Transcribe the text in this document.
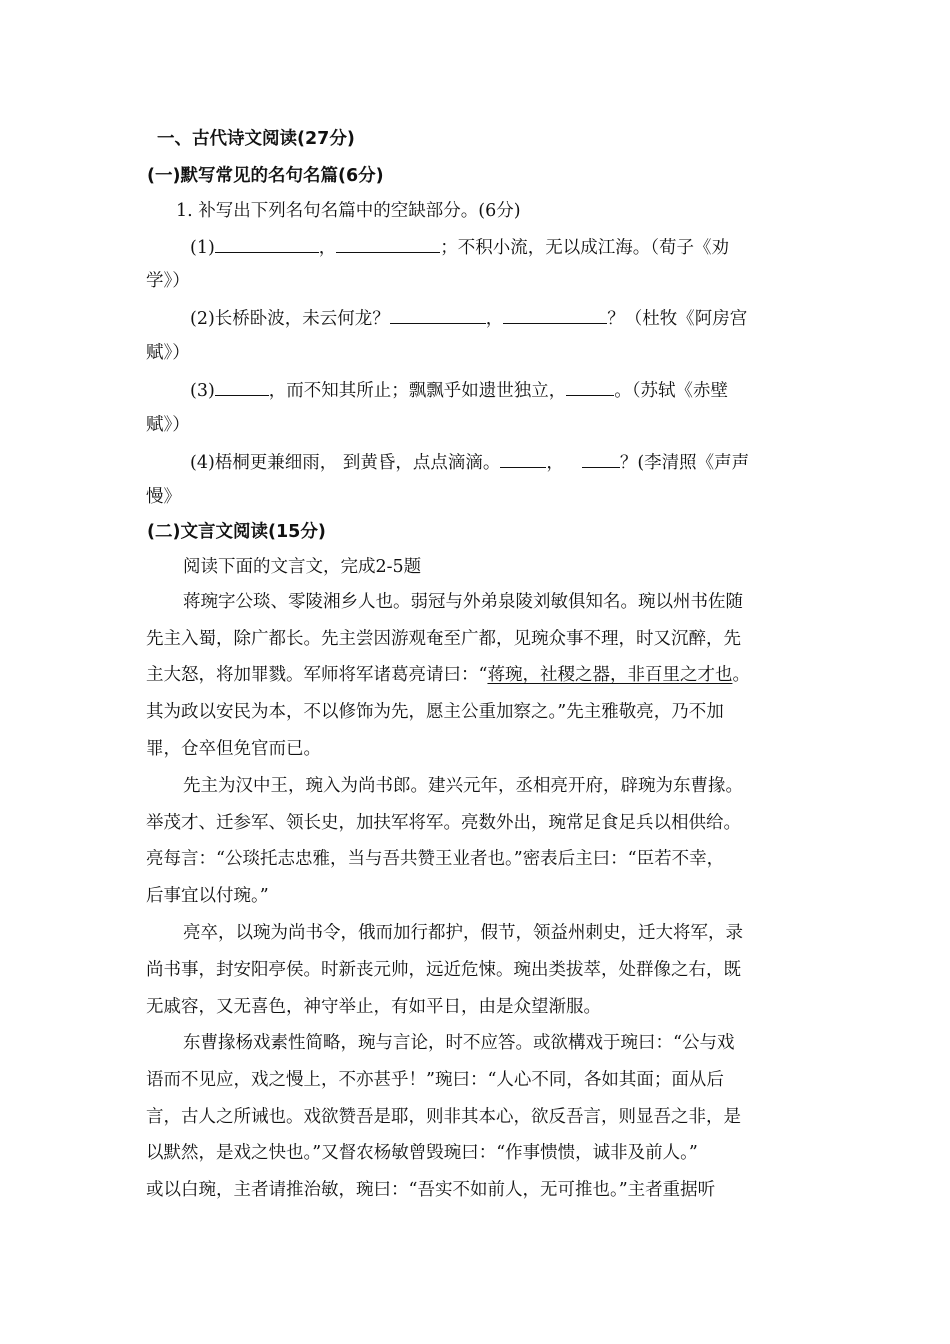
一、古代诗文阅读(27分)
(一)默写常见的名句名篇(6分)
1. 补写出下列名句名篇中的空缺部分。(6分)
(1)	，	；不积小流，无以成江海。（荀子《劝
学》）
(2)长桥卧波，未云何龙？	，	？（杜牧《阿房宫
赋》）
(3)	，而不知其所止；飘飘乎如遗世独立，	。（苏轼《赤壁
赋》）
(4)梧桐更兼细雨， 到黄昏，点点滴滴。	，	？(李清照《声声
慢》
(二)文言文阅读(15分)
阅读下面的文言文，完成2-5题
蒋琬字公琰、零陵湘乡人也。弱冠与外弟泉陵刘敏俱知名。琬以州书佐随
先主入蜀，除广都长。先主尝因游观奄至广都，见琬众事不理，时又沉醉，先
主大怒，将加罪戮。军师将军诸葛亮请曰：“蒋琬，社稷之器，非百里之才也。
其为政以安民为本，不以修饰为先，愿主公重加察之。”先主雅敬亮，乃不加
罪，仓卒但免官而已。
先主为汉中王，琬入为尚书郎。建兴元年，丞相亮开府，辟琬为东曹掾。
举茂才、迁参军、领长史，加扶军将军。亮数外出，琬常足食足兵以相供给。
亮每言：“公琰托志忠雅，当与吾共赞王业者也。”密表后主曰：“臣若不幸，
后事宜以付琬。”
亮卒，以琬为尚书令，俄而加行都护，假节，领益州刺史，迁大将军，录
尚书事，封安阳亭侯。时新丧元帅，远近危悚。琬出类拔萃，处群像之右，既
无戚容，又无喜色，神守举止，有如平日，由是众望渐服。
东曹掾杨戏素性简略，琬与言论，时不应答。或欲構戏于琬曰：“公与戏
语而不见应，戏之慢上，不亦甚乎！”琬曰：“人心不同，各如其面；面从后
言，古人之所诫也。戏欲赞吾是耶，则非其本心，欲反吾言，则显吾之非，是
以默然，是戏之快也。”又督农杨敏曾毁琬曰：“作事愦愦，诚非及前人。”
或以白琬，主者请推治敏，琬曰：“吾实不如前人，无可推也。”主者重据听
